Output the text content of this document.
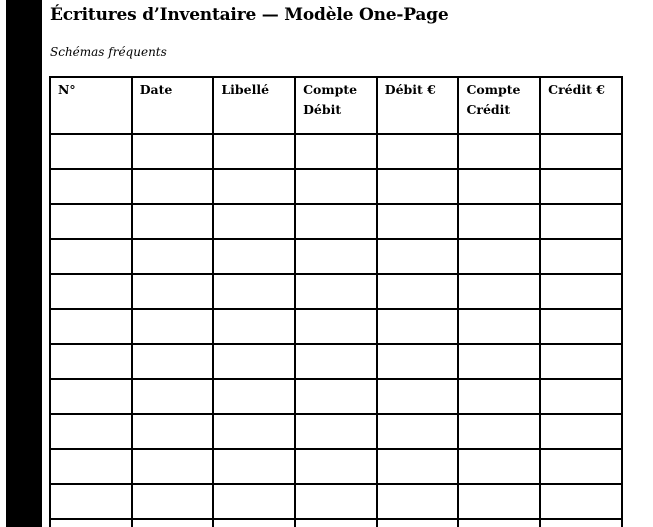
Écritures d’Inventaire — Modèle One-Page

Schémas fréquents

N°	Date	Libellé	Compte Débit	Débit €	Compte Crédit	Crédit €
